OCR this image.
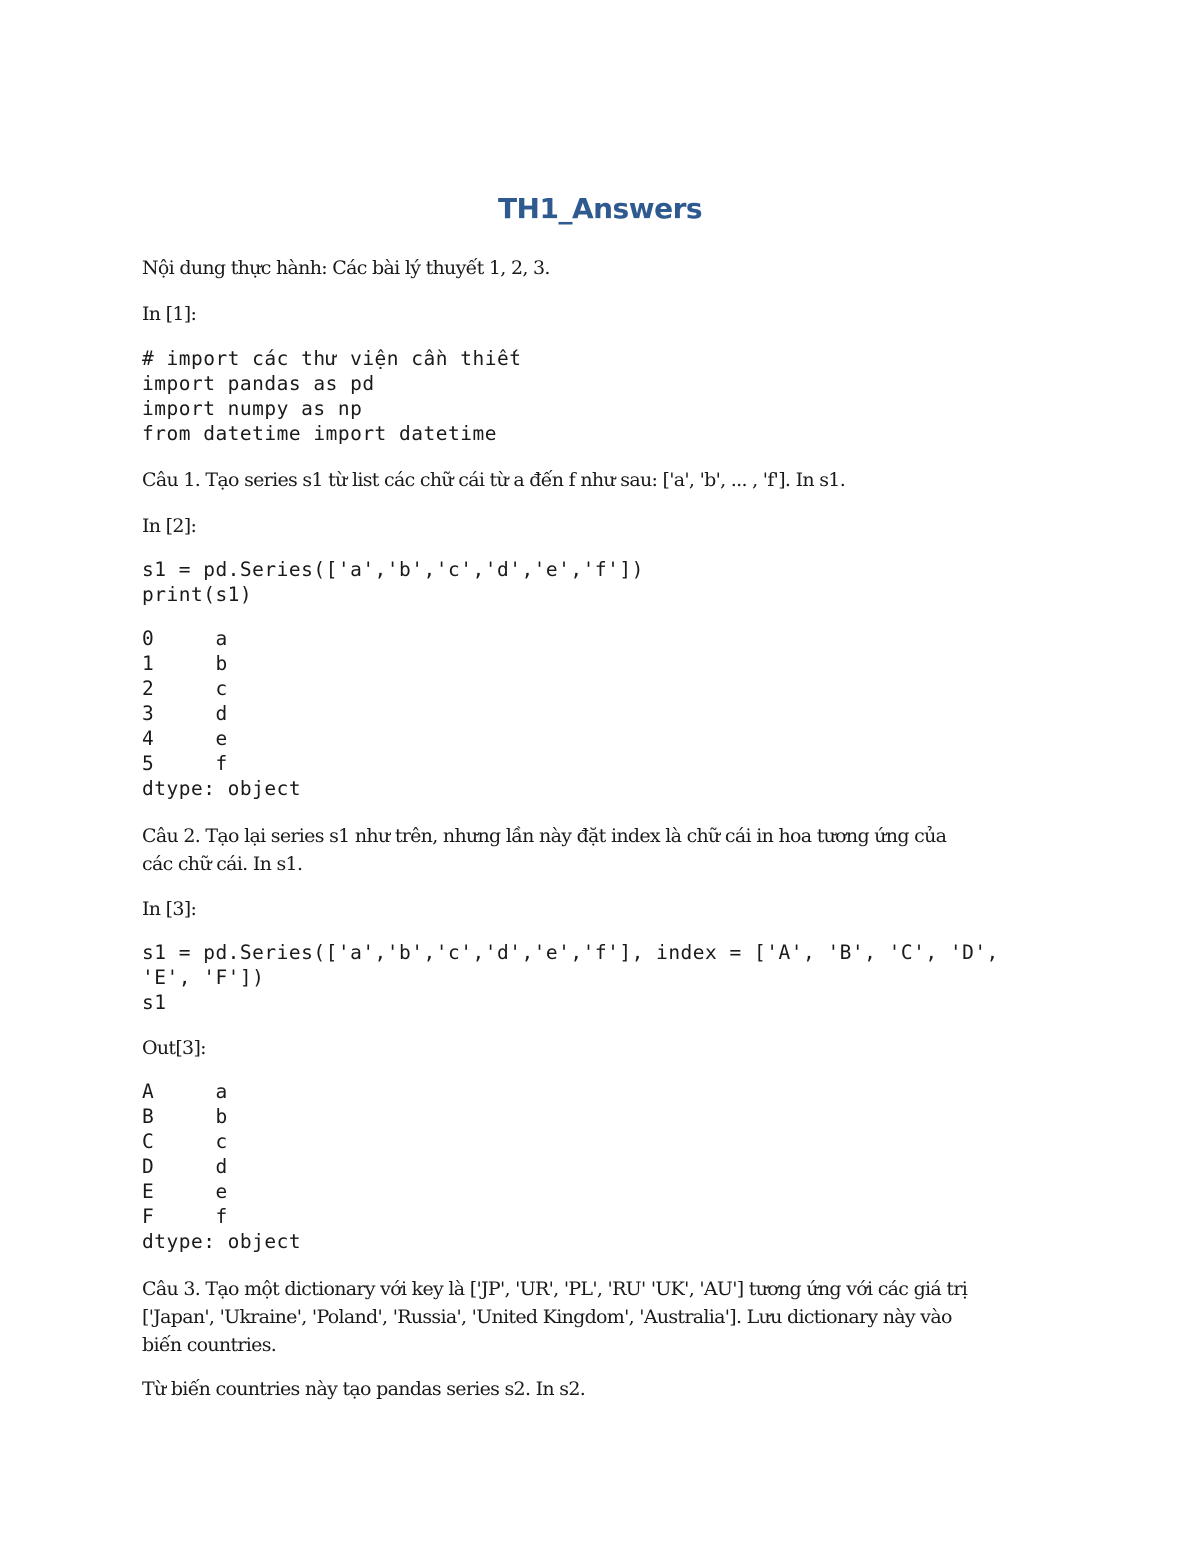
TH1_Answers
Nội dung thực hành: Các bài lý thuyết 1, 2, 3.
In [1]:
# import các thư viện cần thiết
import pandas as pd
import numpy as np
from datetime import datetime
Câu 1. Tạo series s1 từ list các chữ cái từ a đến f như sau: ['a', 'b', ... , 'f']. In s1.
In [2]:
s1 = pd.Series(['a','b','c','d','e','f'])
print(s1)
0     a
1     b
2     c
3     d
4     e
5     f
dtype: object
Câu 2. Tạo lại series s1 như trên, nhưng lần này đặt index là chữ cái in hoa tương ứng của
các chữ cái. In s1.
In [3]:
s1 = pd.Series(['a','b','c','d','e','f'], index = ['A', 'B', 'C', 'D',
'E', 'F'])
s1
Out[3]:
A     a
B     b
C     c
D     d
E     e
F     f
dtype: object
Câu 3. Tạo một dictionary với key là ['JP', 'UR', 'PL', 'RU' 'UK', 'AU'] tương ứng với các giá trị
['Japan', 'Ukraine', 'Poland', 'Russia', 'United Kingdom', 'Australia']. Lưu dictionary này vào
biến countries.
Từ biến countries này tạo pandas series s2. In s2.
